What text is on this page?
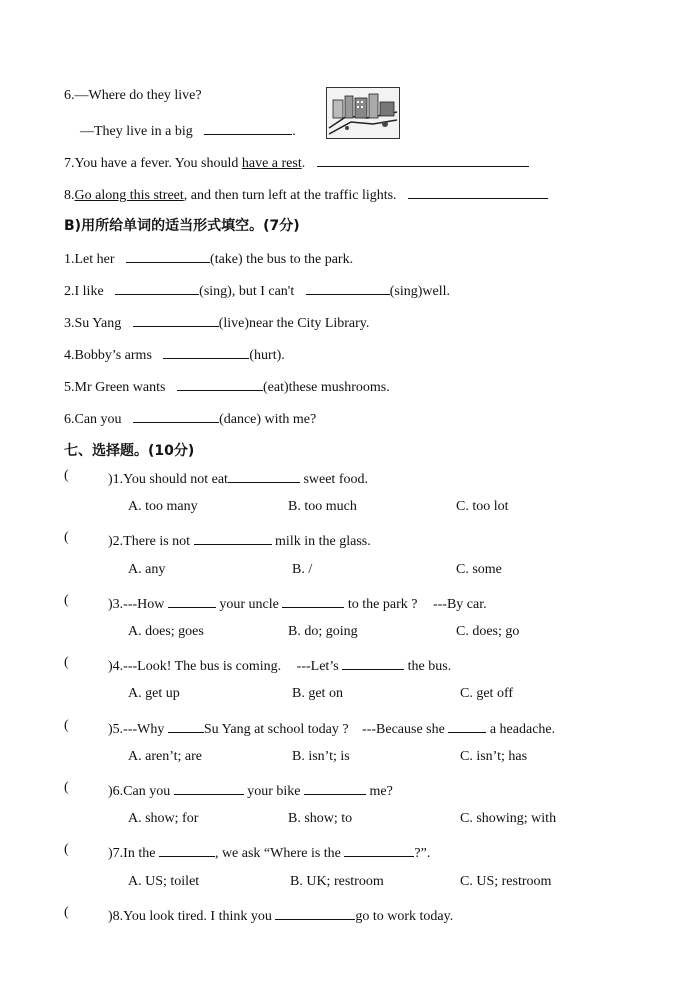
6.—Where do they live?
—They live in a big	.
7.You have a fever. You should have a rest.
8.Go along this street, and then turn left at the traffic lights.
B)用所给单词的适当形式填空。(7分)
1.Let her	(take) the bus to the park.
2.I like	(sing), but I can't	(sing)well.
3.Su Yang	(live)near the City Library.
4.Bobby’s arms	(hurt).
5.Mr Green wants	(eat)these mushrooms.
6.Can you	(dance) with me?
七、选择题。(10分)
(	)1.You should not eat	sweet food.
A. too many	B. too much	C. too lot
(	)2.There is not	milk in the glass.
A. any	B. /	C. some
(	)3.---How	your uncle	to the park ? ---By car.
A. does; goes	B. do; going	C. does; go
(	)4.---Look! The bus is coming. ---Let’s	the bus.
A. get up	B. get on	C. get off
(	)5.---Why	Su Yang at school today ? ---Because she	a headache.
A. aren’t; are	B. isn’t; is	C. isn’t; has
(	)6.Can you	your bike	me?
A. show; for	B. show; to	C. showing; with
(	)7.In the	, we ask “Where is the	?”.
A. US; toilet	B. UK; restroom	C. US; restroom
(	)8.You look tired. I think you	go to work today.
